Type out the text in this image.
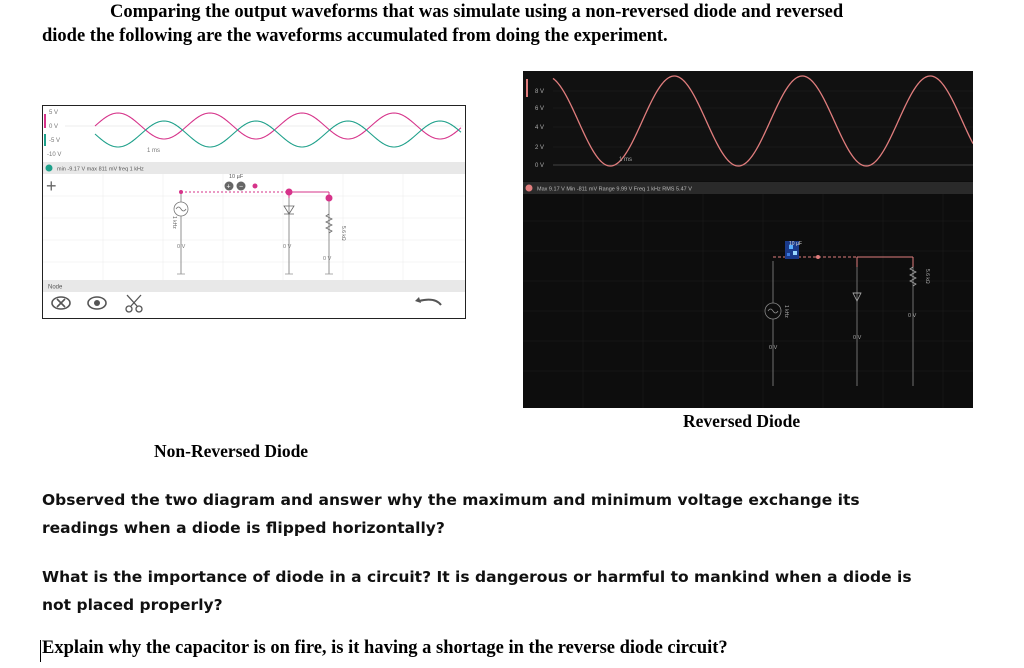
Comparing the output waveforms that was simulate using a non-reversed diode and reversed
diode the following are the waveforms accumulated from doing the experiment.
5 V
0 V
-5 V
-10 V
1 ms
min -9.17 V max 811 mV freq 1 kHz
+	10 µF
+ −
5.6 kΩ
1 kHz
0 V	0 V
0 V
Node
8 V
6 V
4 V
2 V
0 V
1 ms
Max 9.17 V Min -811 mV Range 9.99 V Freq 1 kHz RMS 5.47 V
1 kHz
10 µF
5.6 kΩ
0 V
0 V
0 V
Reversed Diode
Non-Reversed Diode
Observed the two diagram and answer why the maximum and minimum voltage exchange its readings when a diode is flipped horizontally?
What is the importance of diode in a circuit? It is dangerous or harmful to mankind when a diode is not placed properly?
Explain why the capacitor is on fire, is it having a shortage in the reverse diode circuit?
